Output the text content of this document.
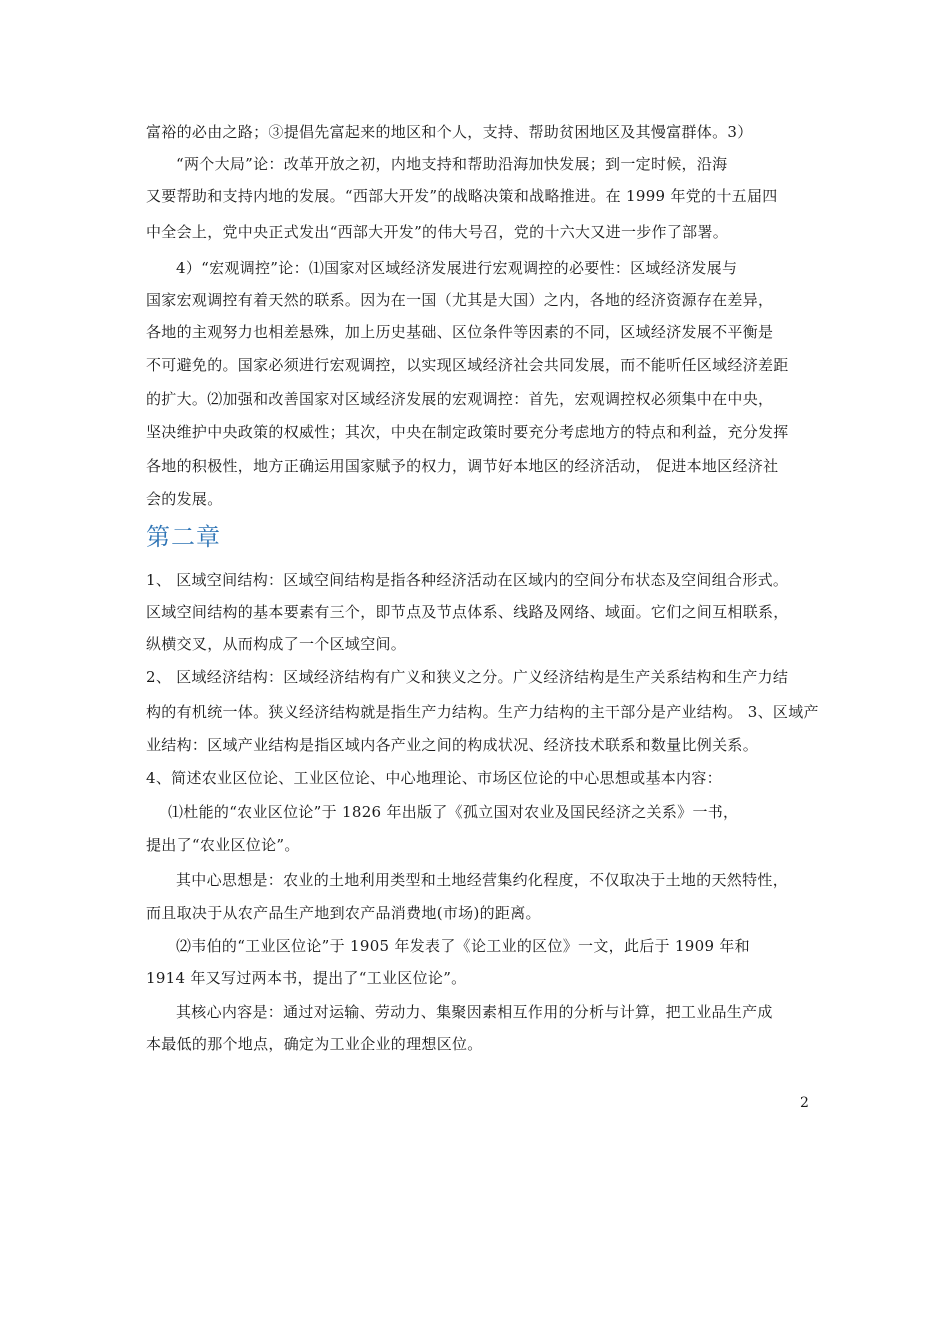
富裕的必由之路；③提倡先富起来的地区和个人，支持、帮助贫困地区及其慢富群体。3）
“两个大局”论：改革开放之初，内地支持和帮助沿海加快发展；到一定时候，沿海
又要帮助和支持内地的发展。“西部大开发”的战略决策和战略推进。在 1999 年党的十五届四
中全会上，党中央正式发出“西部大开发”的伟大号召，党的十六大又进一步作了部署。
4）“宏观调控”论：⑴国家对区域经济发展进行宏观调控的必要性：区域经济发展与
国家宏观调控有着天然的联系。因为在一国（尤其是大国）之内，各地的经济资源存在差异，
各地的主观努力也相差悬殊，加上历史基础、区位条件等因素的不同，区域经济发展不平衡是
不可避免的。国家必须进行宏观调控，以实现区域经济社会共同发展，而不能听任区域经济差距
的扩大。⑵加强和改善国家对区域经济发展的宏观调控：首先，宏观调控权必须集中在中央，
坚决维护中央政策的权威性；其次，中央在制定政策时要充分考虑地方的特点和利益，充分发挥
各地的积极性，地方正确运用国家赋予的权力，调节好本地区的经济活动， 促进本地区经济社
会的发展。
第二章
1、 区域空间结构：区域空间结构是指各种经济活动在区域内的空间分布状态及空间组合形式。
区域空间结构的基本要素有三个，即节点及节点体系、线路及网络、域面。它们之间互相联系，
纵横交叉，从而构成了一个区域空间。
2、 区域经济结构：区域经济结构有广义和狭义之分。广义经济结构是生产关系结构和生产力结
构的有机统一体。狭义经济结构就是指生产力结构。生产力结构的主干部分是产业结构。 3、区域产
业结构：区域产业结构是指区域内各产业之间的构成状况、经济技术联系和数量比例关系。
4、简述农业区位论、工业区位论、中心地理论、市场区位论的中心思想或基本内容：
⑴杜能的“农业区位论”于 1826 年出版了《孤立国对农业及国民经济之关系》一书，
提出了“农业区位论”。
其中心思想是：农业的土地利用类型和土地经营集约化程度，不仅取决于土地的天然特性，
而且取决于从农产品生产地到农产品消费地(市场)的距离。
⑵韦伯的“工业区位论”于 1905 年发表了《论工业的区位》一文，此后于 1909 年和
1914 年又写过两本书，提出了“工业区位论”。
其核心内容是：通过对运输、劳动力、集聚因素相互作用的分析与计算，把工业品生产成
本最低的那个地点，确定为工业企业的理想区位。
2
